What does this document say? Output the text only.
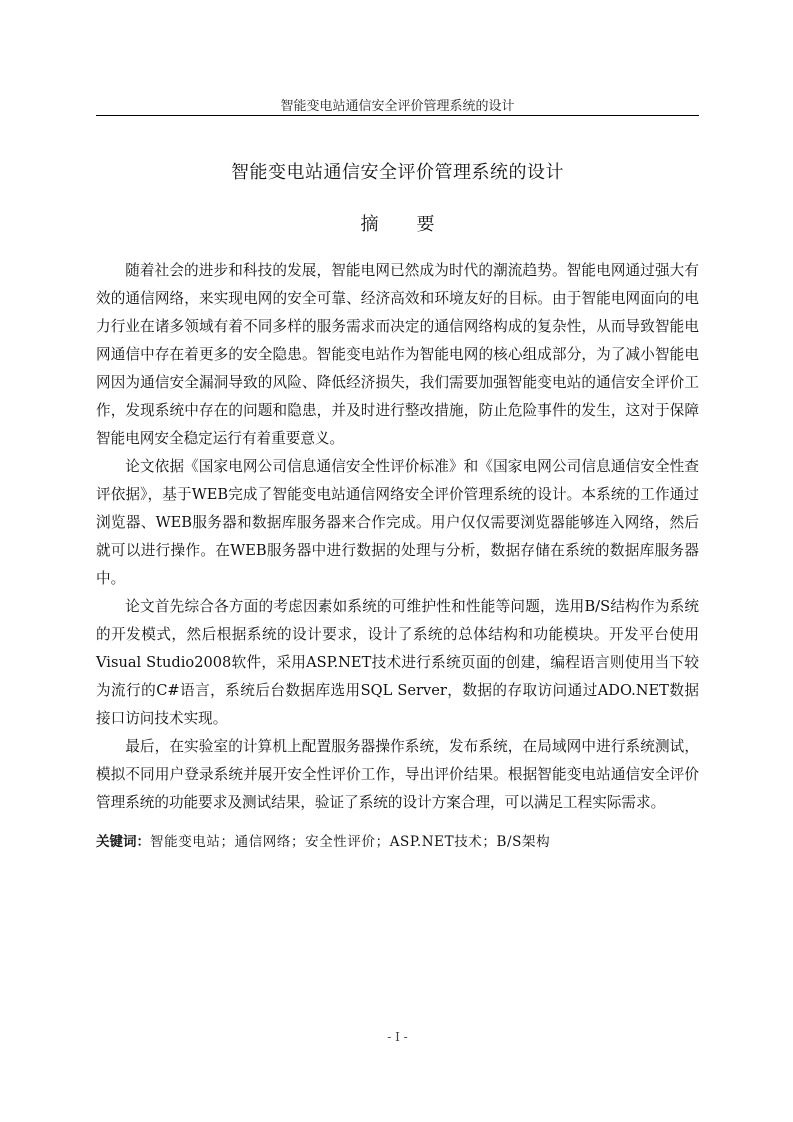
智能变电站通信安全评价管理系统的设计
智能变电站通信安全评价管理系统的设计
摘要

随着社会的进步和科技的发展，智能电网已然成为时代的潮流趋势。智能电网通过强大有效的通信网络，来实现电网的安全可靠、经济高效和环境友好的目标。由于智能电网面向的电力行业在诸多领域有着不同多样的服务需求而决定的通信网络构成的复杂性，从而导致智能电网通信中存在着更多的安全隐患。智能变电站作为智能电网的核心组成部分，为了减小智能电网因为通信安全漏洞导致的风险、降低经济损失，我们需要加强智能变电站的通信安全评价工作，发现系统中存在的问题和隐患，并及时进行整改措施，防止危险事件的发生，这对于保障智能电网安全稳定运行有着重要意义。

论文依据《国家电网公司信息通信安全性评价标准》和《国家电网公司信息通信安全性查评依据》，基于WEB完成了智能变电站通信网络安全评价管理系统的设计。本系统的工作通过浏览器、WEB服务器和数据库服务器来合作完成。用户仅仅需要浏览器能够连入网络，然后就可以进行操作。在WEB服务器中进行数据的处理与分析，数据存储在系统的数据库服务器中。

论文首先综合各方面的考虑因素如系统的可维护性和性能等问题，选用B/S结构作为系统的开发模式，然后根据系统的设计要求，设计了系统的总体结构和功能模块。开发平台使用Visual Studio2008软件，采用ASP.NET技术进行系统页面的创建，编程语言则使用当下较为流行的C#语言，系统后台数据库选用SQL Server，数据的存取访问通过ADO.NET数据接口访问技术实现。

最后，在实验室的计算机上配置服务器操作系统，发布系统，在局域网中进行系统测试，模拟不同用户登录系统并展开安全性评价工作，导出评价结果。根据智能变电站通信安全评价管理系统的功能要求及测试结果，验证了系统的设计方案合理，可以满足工程实际需求。

关键词：智能变电站；通信网络；安全性评价；ASP.NET技术；B/S架构
- I -
